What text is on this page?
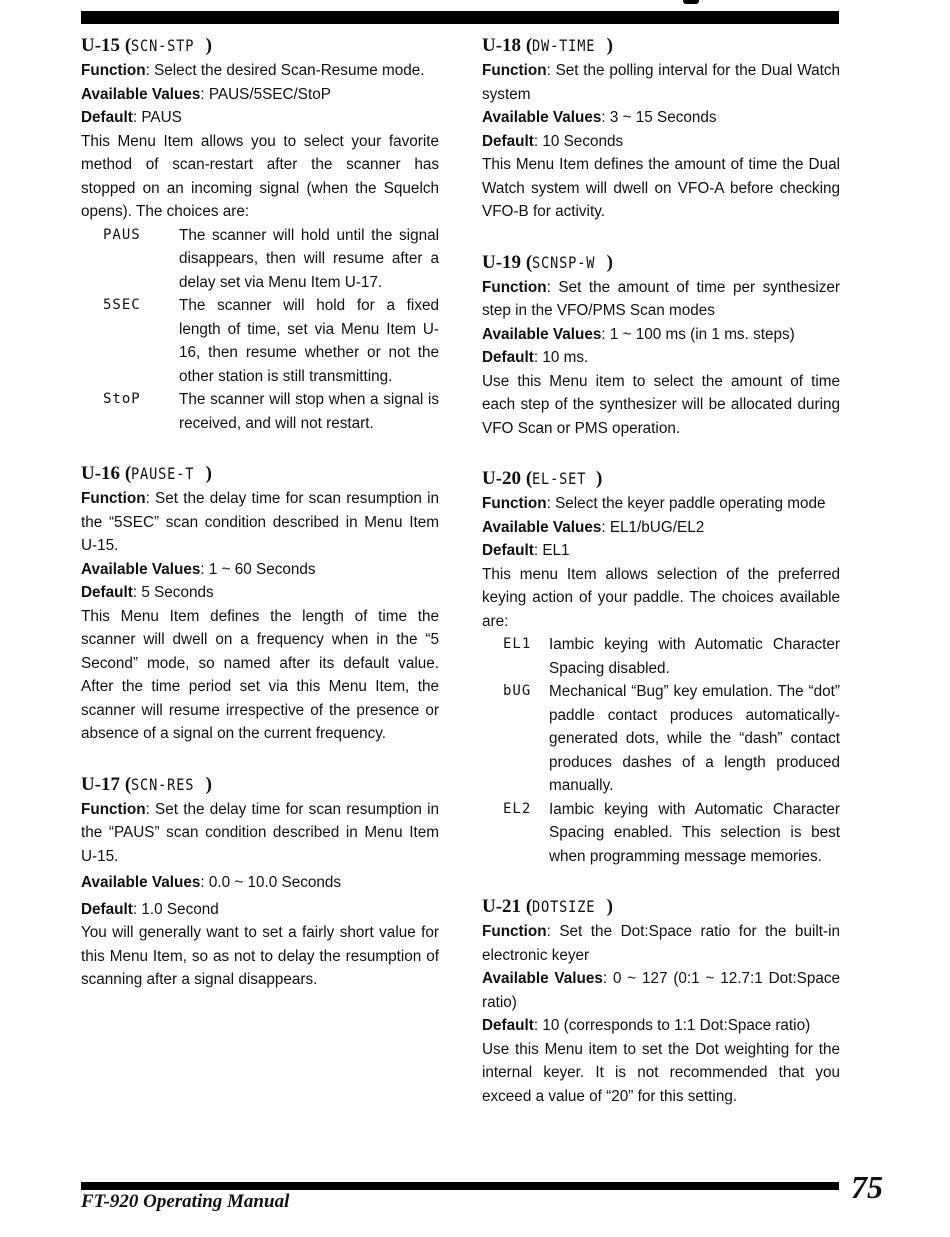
U-15 (SCN-STP )

Function: Select the desired Scan-Resume mode.

Available Values: PAUS/5SEC/StoP

Default: PAUS

This Menu Item allows you to select your favorite method of scan-restart after the scanner has stopped on an incoming signal (when the Squelch opens). The choices are:

PAUS	The scanner will hold until the signal disappears, then will resume after a delay set via Menu Item U-17.
5SEC	The scanner will hold for a fixed length of time, set via Menu Item U-16, then resume whether or not the other station is still transmitting.
StoP	The scanner will stop when a signal is received, and will not restart.
U-16 (PAUSE-T )

Function: Set the delay time for scan resumption in the “5SEC” scan condition described in Menu Item U-15.

Available Values: 1 ~ 60 Seconds

Default: 5 Seconds

This Menu Item defines the length of time the scanner will dwell on a frequency when in the “5 Second” mode, so named after its default value. After the time period set via this Menu Item, the scanner will resume irrespective of the presence or absence of a signal on the current frequency.

U-17 (SCN-RES )

Function: Set the delay time for scan resumption in the “PAUS” scan condition described in Menu Item U-15.

Available Values: 0.0 ~ 10.0 Seconds

Default: 1.0 Second

You will generally want to set a fairly short value for this Menu Item, so as not to delay the resumption of scanning after a signal disappears.

U-18 (DW-TIME )

Function: Set the polling interval for the Dual Watch system

Available Values: 3 ~ 15 Seconds

Default: 10 Seconds

This Menu Item defines the amount of time the Dual Watch system will dwell on VFO-A before checking VFO-B for activity.

U-19 (SCNSP-W )

Function: Set the amount of time per synthesizer step in the VFO/PMS Scan modes

Available Values: 1 ~ 100 ms (in 1 ms. steps)

Default: 10 ms.

Use this Menu item to select the amount of time each step of the synthesizer will be allocated during VFO Scan or PMS operation.

U-20 (EL-SET )

Function: Select the keyer paddle operating mode

Available Values: EL1/bUG/EL2

Default: EL1

This menu Item allows selection of the preferred keying action of your paddle. The choices available are:

EL1	Iambic keying with Automatic Character Spacing disabled.
bUG	Mechanical “Bug” key emulation. The “dot” paddle contact produces automatically-generated dots, while the “dash” contact produces dashes of a length produced manually.
EL2	Iambic keying with Automatic Character Spacing enabled. This selection is best when programming message memories.
U-21 (DOTSIZE )

Function: Set the Dot:Space ratio for the built-in electronic keyer

Available Values: 0 ~ 127 (0:1 ~ 12.7:1 Dot:Space ratio)

Default: 10 (corresponds to 1:1 Dot:Space ratio)

Use this Menu item to set the Dot weighting for the internal keyer. It is not recommended that you exceed a value of “20” for this setting.

FT-920 Operating Manual	75
